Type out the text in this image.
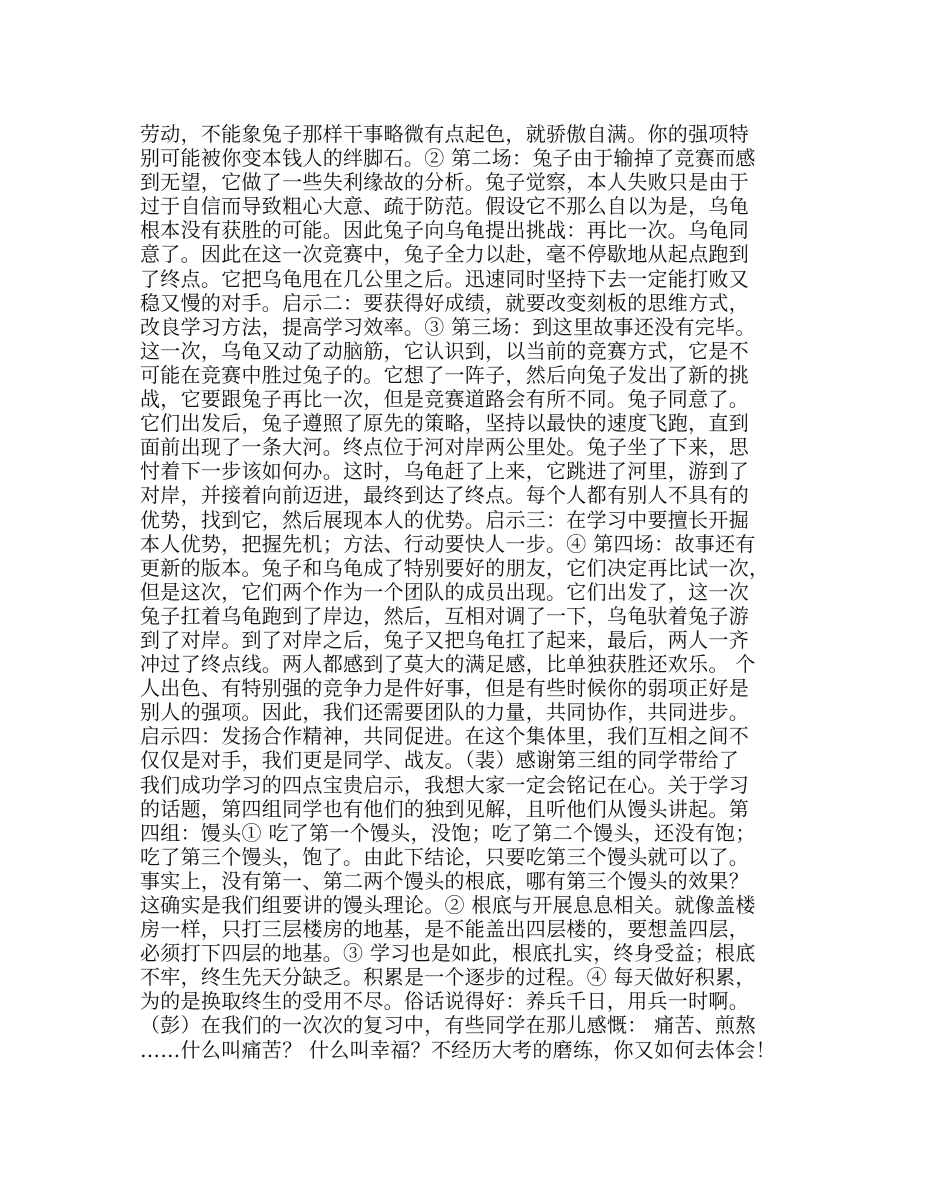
劳动，不能象兔子那样干事略微有点起色，就骄傲自满。你的强项特
别可能被你变本钱人的绊脚石。② 第二场：兔子由于输掉了竞赛而感
到无望，它做了一些失利缘故的分析。兔子觉察，本人失败只是由于
过于自信而导致粗心大意、疏于防范。假设它不那么自以为是，乌龟
根本没有获胜的可能。因此兔子向乌龟提出挑战：再比一次。乌龟同
意了。因此在这一次竞赛中，兔子全力以赴，毫不停歇地从起点跑到
了终点。它把乌龟甩在几公里之后。迅速同时坚持下去一定能打败又
稳又慢的对手。启示二：要获得好成绩，就要改变刻板的思维方式，
改良学习方法，提高学习效率。③ 第三场：到这里故事还没有完毕。
这一次，乌龟又动了动脑筋，它认识到，以当前的竞赛方式，它是不
可能在竞赛中胜过兔子的。它想了一阵子，然后向兔子发出了新的挑
战，它要跟兔子再比一次，但是竞赛道路会有所不同。兔子同意了。
它们出发后，兔子遵照了原先的策略，坚持以最快的速度飞跑，直到
面前出现了一条大河。终点位于河对岸两公里处。兔子坐了下来，思
忖着下一步该如何办。这时，乌龟赶了上来，它跳进了河里，游到了
对岸，并接着向前迈进，最终到达了终点。每个人都有别人不具有的
优势，找到它，然后展现本人的优势。启示三：在学习中要擅长开掘
本人优势，把握先机；方法、行动要快人一步。④ 第四场：故事还有
更新的版本。兔子和乌龟成了特别要好的朋友，它们决定再比试一次，
但是这次，它们两个作为一个团队的成员出现。它们出发了，这一次
兔子扛着乌龟跑到了岸边，然后，互相对调了一下，乌龟驮着兔子游
到了对岸。到了对岸之后，兔子又把乌龟扛了起来，最后，两人一齐
冲过了终点线。两人都感到了莫大的满足感，比单独获胜还欢乐。 个
人出色、有特别强的竞争力是件好事，但是有些时候你的弱项正好是
别人的强项。因此，我们还需要团队的力量，共同协作，共同进步。
启示四：发扬合作精神，共同促进。在这个集体里，我们互相之间不
仅仅是对手，我们更是同学、战友。（裴）感谢第三组的同学带给了
我们成功学习的四点宝贵启示，我想大家一定会铭记在心。关于学习
的话题，第四组同学也有他们的独到见解，且听他们从馒头讲起。第
四组：馒头① 吃了第一个馒头，没饱；吃了第二个馒头，还没有饱；
吃了第三个馒头，饱了。由此下结论，只要吃第三个馒头就可以了。
事实上，没有第一、第二两个馒头的根底，哪有第三个馒头的效果？
这确实是我们组要讲的馒头理论。② 根底与开展息息相关。就像盖楼
房一样，只打三层楼房的地基，是不能盖出四层楼的，要想盖四层，
必须打下四层的地基。③ 学习也是如此，根底扎实，终身受益；根底
不牢，终生先天分缺乏。积累是一个逐步的过程。④ 每天做好积累，
为的是换取终生的受用不尽。俗话说得好：养兵千日，用兵一时啊。
（彭）在我们的一次次的复习中，有些同学在那儿感慨： 痛苦、煎熬
……什么叫痛苦？ 什么叫幸福？不经历大考的磨练，你又如何去体会！
